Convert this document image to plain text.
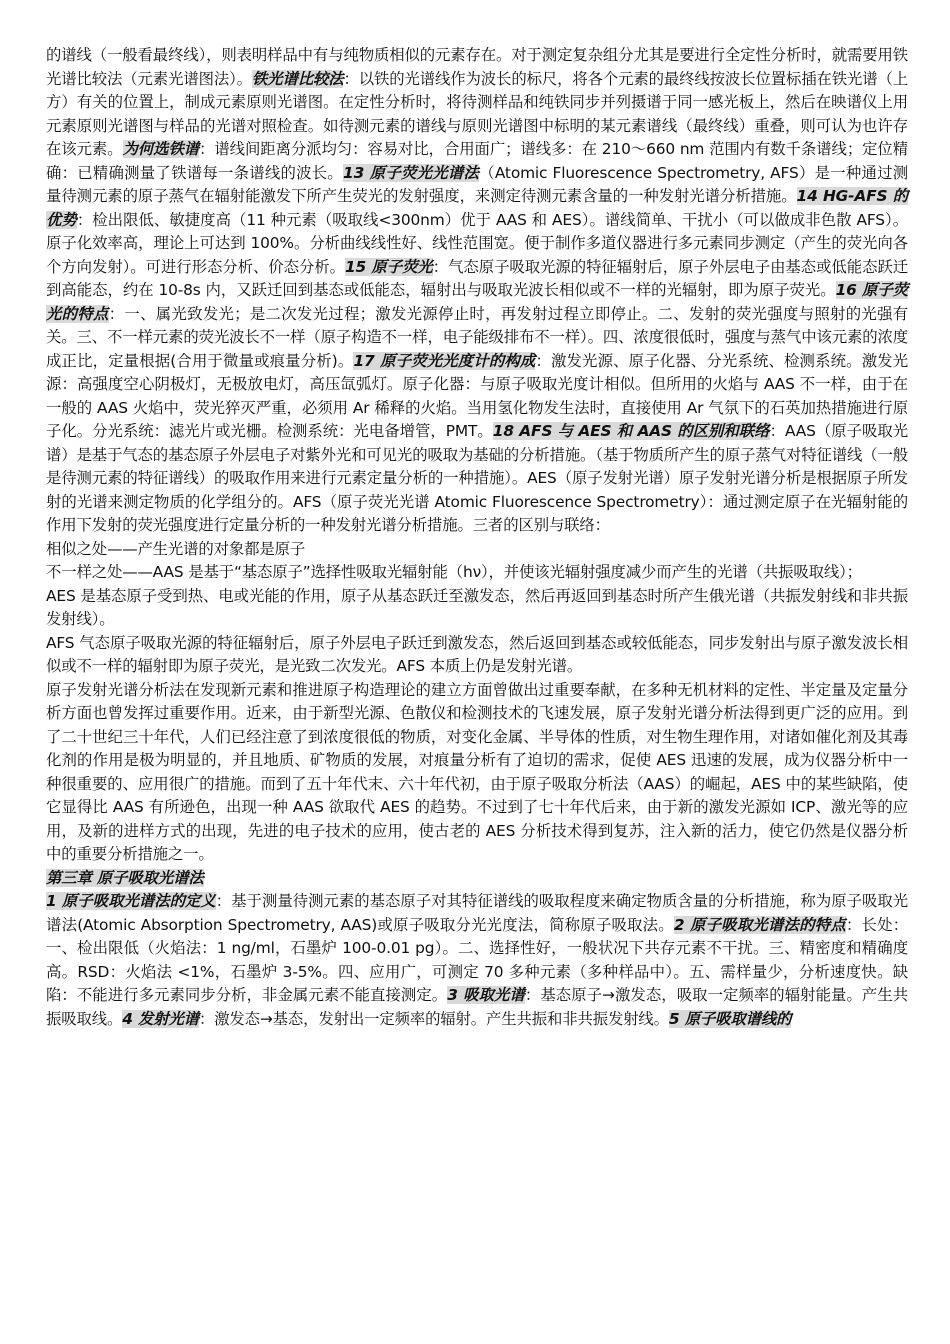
的谱线（一般看最终线），则表明样品中有与纯物质相似的元素存在。对于测定复杂组分尤其是要进行全定性分析时，就需要用铁光谱比较法（元素光谱图法）。铁光谱比较法：以铁的光谱线作为波长的标尺，将各个元素的最终线按波长位置标插在铁光谱（上方）有关的位置上，制成元素原则光谱图。在定性分析时，将待测样品和纯铁同步并列摄谱于同一感光板上，然后在映谱仪上用元素原则光谱图与样品的光谱对照检查。如待测元素的谱线与原则光谱图中标明的某元素谱线（最终线）重叠，则可认为也许存在该元素。为何选铁谱：谱线间距离分派均匀：容易对比，合用面广；谱线多：在 210～660 nm 范围内有数千条谱线；定位精确：已精确测量了铁谱每一条谱线的波长。13 原子荧光光谱法（Atomic Fluorescence Spectrometry, AFS）是一种通过测量待测元素的原子蒸气在辐射能激发下所产生荧光的发射强度，来测定待测元素含量的一种发射光谱分析措施。14 HG-AFS 的优势：检出限低、敏捷度高（11 种元素（吸取线<300nm）优于 AAS 和 AES）。谱线简单、干扰小（可以做成非色散 AFS）。原子化效率高，理论上可达到 100%。分析曲线线性好、线性范围宽。便于制作多道仪器进行多元素同步测定（产生的荧光向各个方向发射）。可进行形态分析、价态分析。15 原子荧光：气态原子吸取光源的特征辐射后，原子外层电子由基态或低能态跃迁到高能态，约在 10-8s 内，又跃迁回到基态或低能态，辐射出与吸取光波长相似或不一样的光辐射，即为原子荧光。16 原子荧光的特点：一、属光致发光；是二次发光过程；激发光源停止时，再发射过程立即停止。二、发射的荧光强度与照射的光强有关。三、不一样元素的荧光波长不一样（原子构造不一样，电子能级排布不一样）。四、浓度很低时，强度与蒸气中该元素的浓度成正比，定量根据(合用于微量或痕量分析)。17 原子荧光光度计的构成：激发光源、原子化器、分光系统、检测系统。激发光源：高强度空心阴极灯，无极放电灯，高压氙弧灯。原子化器：与原子吸取光度计相似。但所用的火焰与 AAS 不一样，由于在一般的 AAS 火焰中，荧光猝灭严重，必须用 Ar 稀释的火焰。当用氢化物发生法时，直接使用 Ar 气氛下的石英加热措施进行原子化。分光系统：滤光片或光栅。检测系统：光电备增管，PMT。18 AFS 与 AES 和 AAS 的区别和联络：AAS（原子吸取光谱）是基于气态的基态原子外层电子对紫外光和可见光的吸取为基础的分析措施。（基于物质所产生的原子蒸气对特征谱线（一般是待测元素的特征谱线）的吸取作用来进行元素定量分析的一种措施）。AES（原子发射光谱）原子发射光谱分析是根据原子所发射的光谱来测定物质的化学组分的。AFS（原子荧光光谱 Atomic Fluorescence Spectrometry）：通过测定原子在光辐射能的作用下发射的荧光强度进行定量分析的一种发射光谱分析措施。三者的区别与联络：

相似之处——产生光谱的对象都是原子

不一样之处——AAS 是基于“基态原子”选择性吸取光辐射能（hν），并使该光辐射强度减少而产生的光谱（共振吸取线）；

AES 是基态原子受到热、电或光能的作用，原子从基态跃迁至激发态，然后再返回到基态时所产生俄光谱（共振发射线和非共振发射线）。

AFS 气态原子吸取光源的特征辐射后，原子外层电子跃迁到激发态，然后返回到基态或较低能态，同步发射出与原子激发波长相似或不一样的辐射即为原子荧光，是光致二次发光。AFS 本质上仍是发射光谱。

原子发射光谱分析法在发现新元素和推进原子构造理论的建立方面曾做出过重要奉献，在多种无机材料的定性、半定量及定量分析方面也曾发挥过重要作用。近来，由于新型光源、色散仪和检测技术的飞速发展，原子发射光谱分析法得到更广泛的应用。到了二十世纪三十年代，人们已经注意了到浓度很低的物质，对变化金属、半导体的性质，对生物生理作用，对诸如催化剂及其毒化剂的作用是极为明显的，并且地质、矿物质的发展，对痕量分析有了迫切的需求，促使 AES 迅速的发展，成为仪器分析中一种很重要的、应用很广的措施。而到了五十年代末、六十年代初，由于原子吸取分析法（AAS）的崛起，AES 中的某些缺陷，使它显得比 AAS 有所逊色，出现一种 AAS 欲取代 AES 的趋势。不过到了七十年代后来，由于新的激发光源如 ICP、激光等的应用，及新的进样方式的出现，先进的电子技术的应用，使古老的 AES 分析技术得到复苏，注入新的活力，使它仍然是仪器分析中的重要分析措施之一。

第三章 原子吸取光谱法

1 原子吸取光谱法的定义：基于测量待测元素的基态原子对其特征谱线的吸取程度来确定物质含量的分析措施，称为原子吸取光谱法(Atomic Absorption Spectrometry, AAS)或原子吸取分光光度法，简称原子吸取法。2 原子吸取光谱法的特点：长处：一、检出限低（火焰法：1 ng/ml，石墨炉 100-0.01 pg）。二、选择性好，一般状况下共存元素不干扰。三、精密度和精确度高。RSD：火焰法 <1%，石墨炉 3-5%。四、应用广，可测定 70 多种元素（多种样品中）。五、需样量少，分析速度快。缺陷：不能进行多元素同步分析，非金属元素不能直接测定。3 吸取光谱：基态原子→激发态，吸取一定频率的辐射能量。产生共振吸取线。4 发射光谱：激发态→基态，发射出一定频率的辐射。产生共振和非共振发射线。5 原子吸取谱线的
